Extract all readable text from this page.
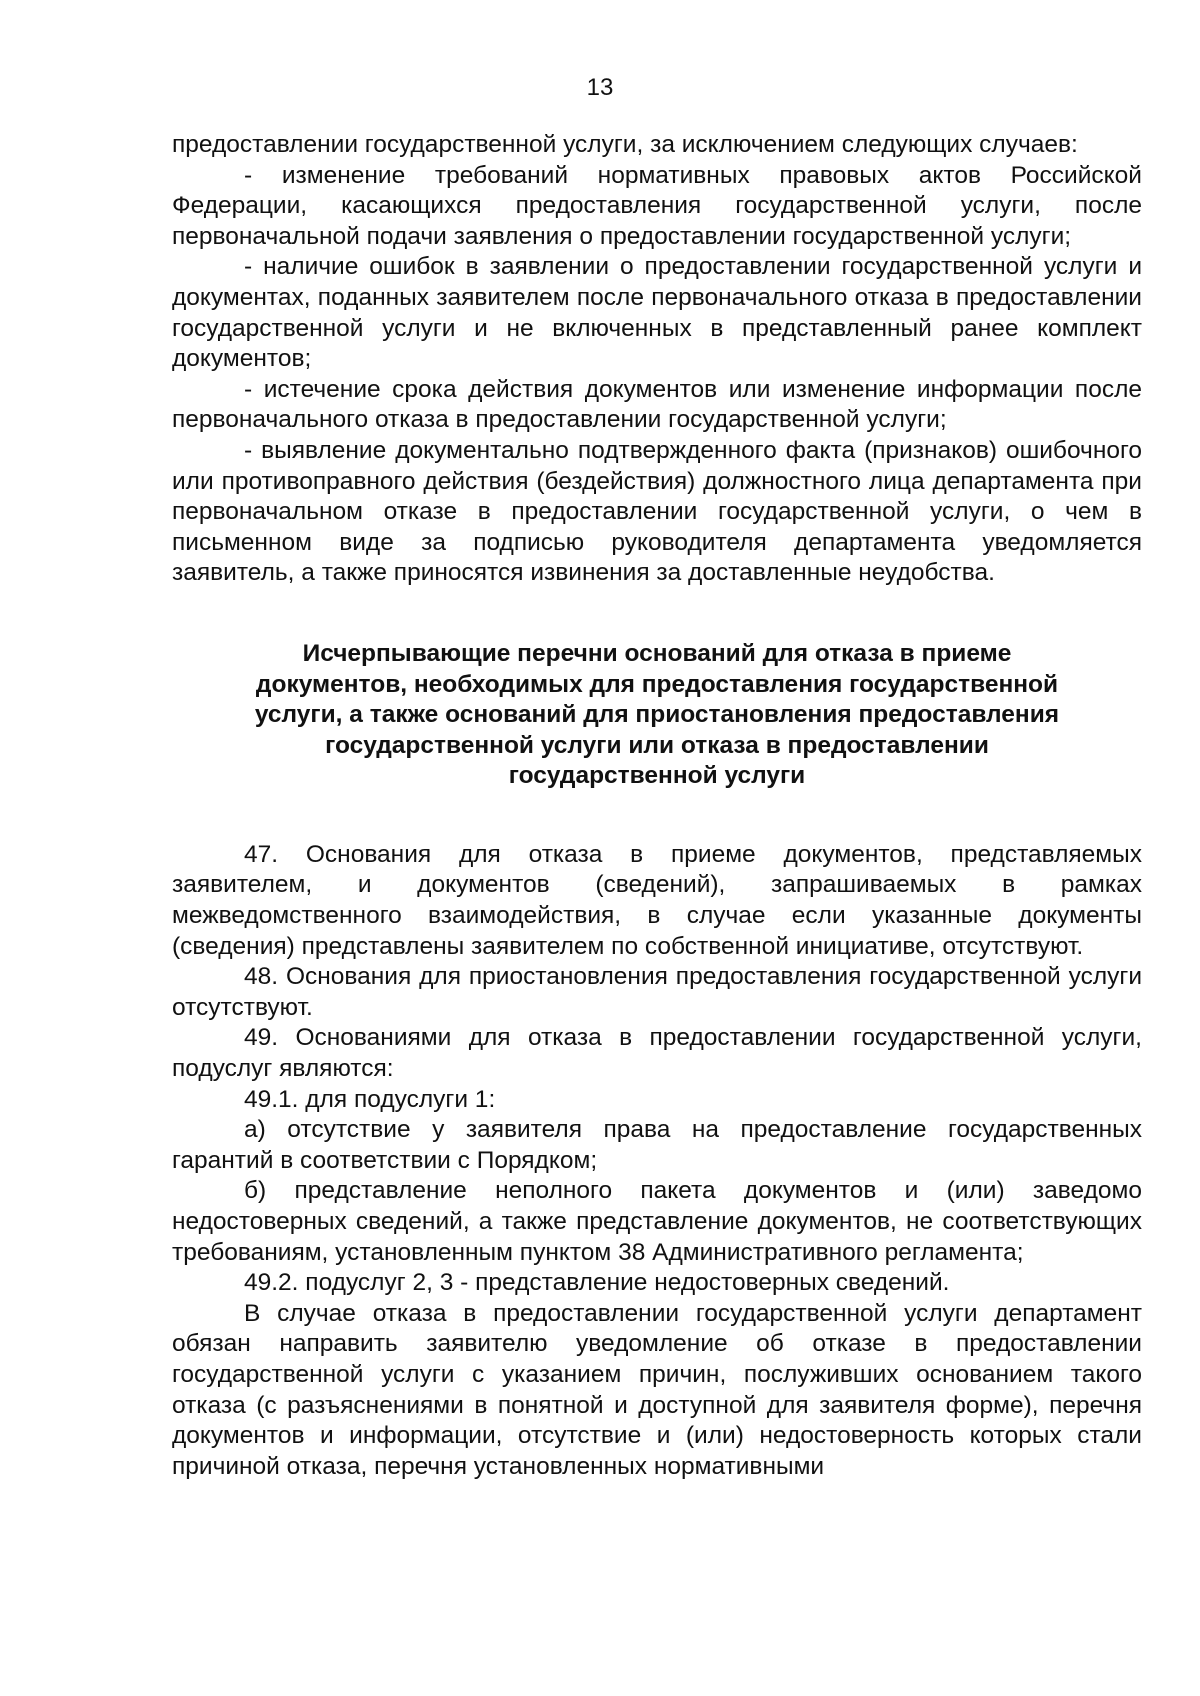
13

предоставлении государственной услуги, за исключением следующих случаев:

- изменение требований нормативных правовых актов Российской Федерации, касающихся предоставления государственной услуги, после первоначальной подачи заявления о предоставлении государственной услуги;

- наличие ошибок в заявлении о предоставлении государственной услуги и документах, поданных заявителем после первоначального отказа в предоставлении государственной услуги и не включенных в представленный ранее комплект документов;

- истечение срока действия документов или изменение информации после первоначального отказа в предоставлении государственной услуги;

- выявление документально подтвержденного факта (признаков) ошибочного или противоправного действия (бездействия) должностного лица департамента при первоначальном отказе в предоставлении государственной услуги, о чем в письменном виде за подписью руководителя департамента уведомляется заявитель, а также приносятся извинения за доставленные неудобства.

Исчерпывающие перечни оснований для отказа в приеме
документов, необходимых для предоставления государственной
услуги, а также оснований для приостановления предоставления
государственной услуги или отказа в предоставлении
государственной услуги

47. Основания для отказа в приеме документов, представляемых заявителем, и документов (сведений), запрашиваемых в рамках межведомственного взаимодействия, в случае если указанные документы (сведения) представлены заявителем по собственной инициативе, отсутствуют.

48. Основания для приостановления предоставления государственной услуги отсутствуют.

49. Основаниями для отказа в предоставлении государственной услуги, подуслуг являются:

49.1. для подуслуги 1:

а) отсутствие у заявителя права на предоставление государственных гарантий в соответствии с Порядком;

б) представление неполного пакета документов и (или) заведомо недостоверных сведений, а также представление документов, не соответствующих требованиям, установленным пунктом 38 Административного регламента;

49.2. подуслуг 2, 3 - представление недостоверных сведений.

В случае отказа в предоставлении государственной услуги департамент обязан направить заявителю уведомление об отказе в предоставлении государственной услуги с указанием причин, послуживших основанием такого отказа (с разъяснениями в понятной и доступной для заявителя форме), перечня документов и информации, отсутствие и (или) недостоверность которых стали причиной отказа, перечня установленных нормативными
